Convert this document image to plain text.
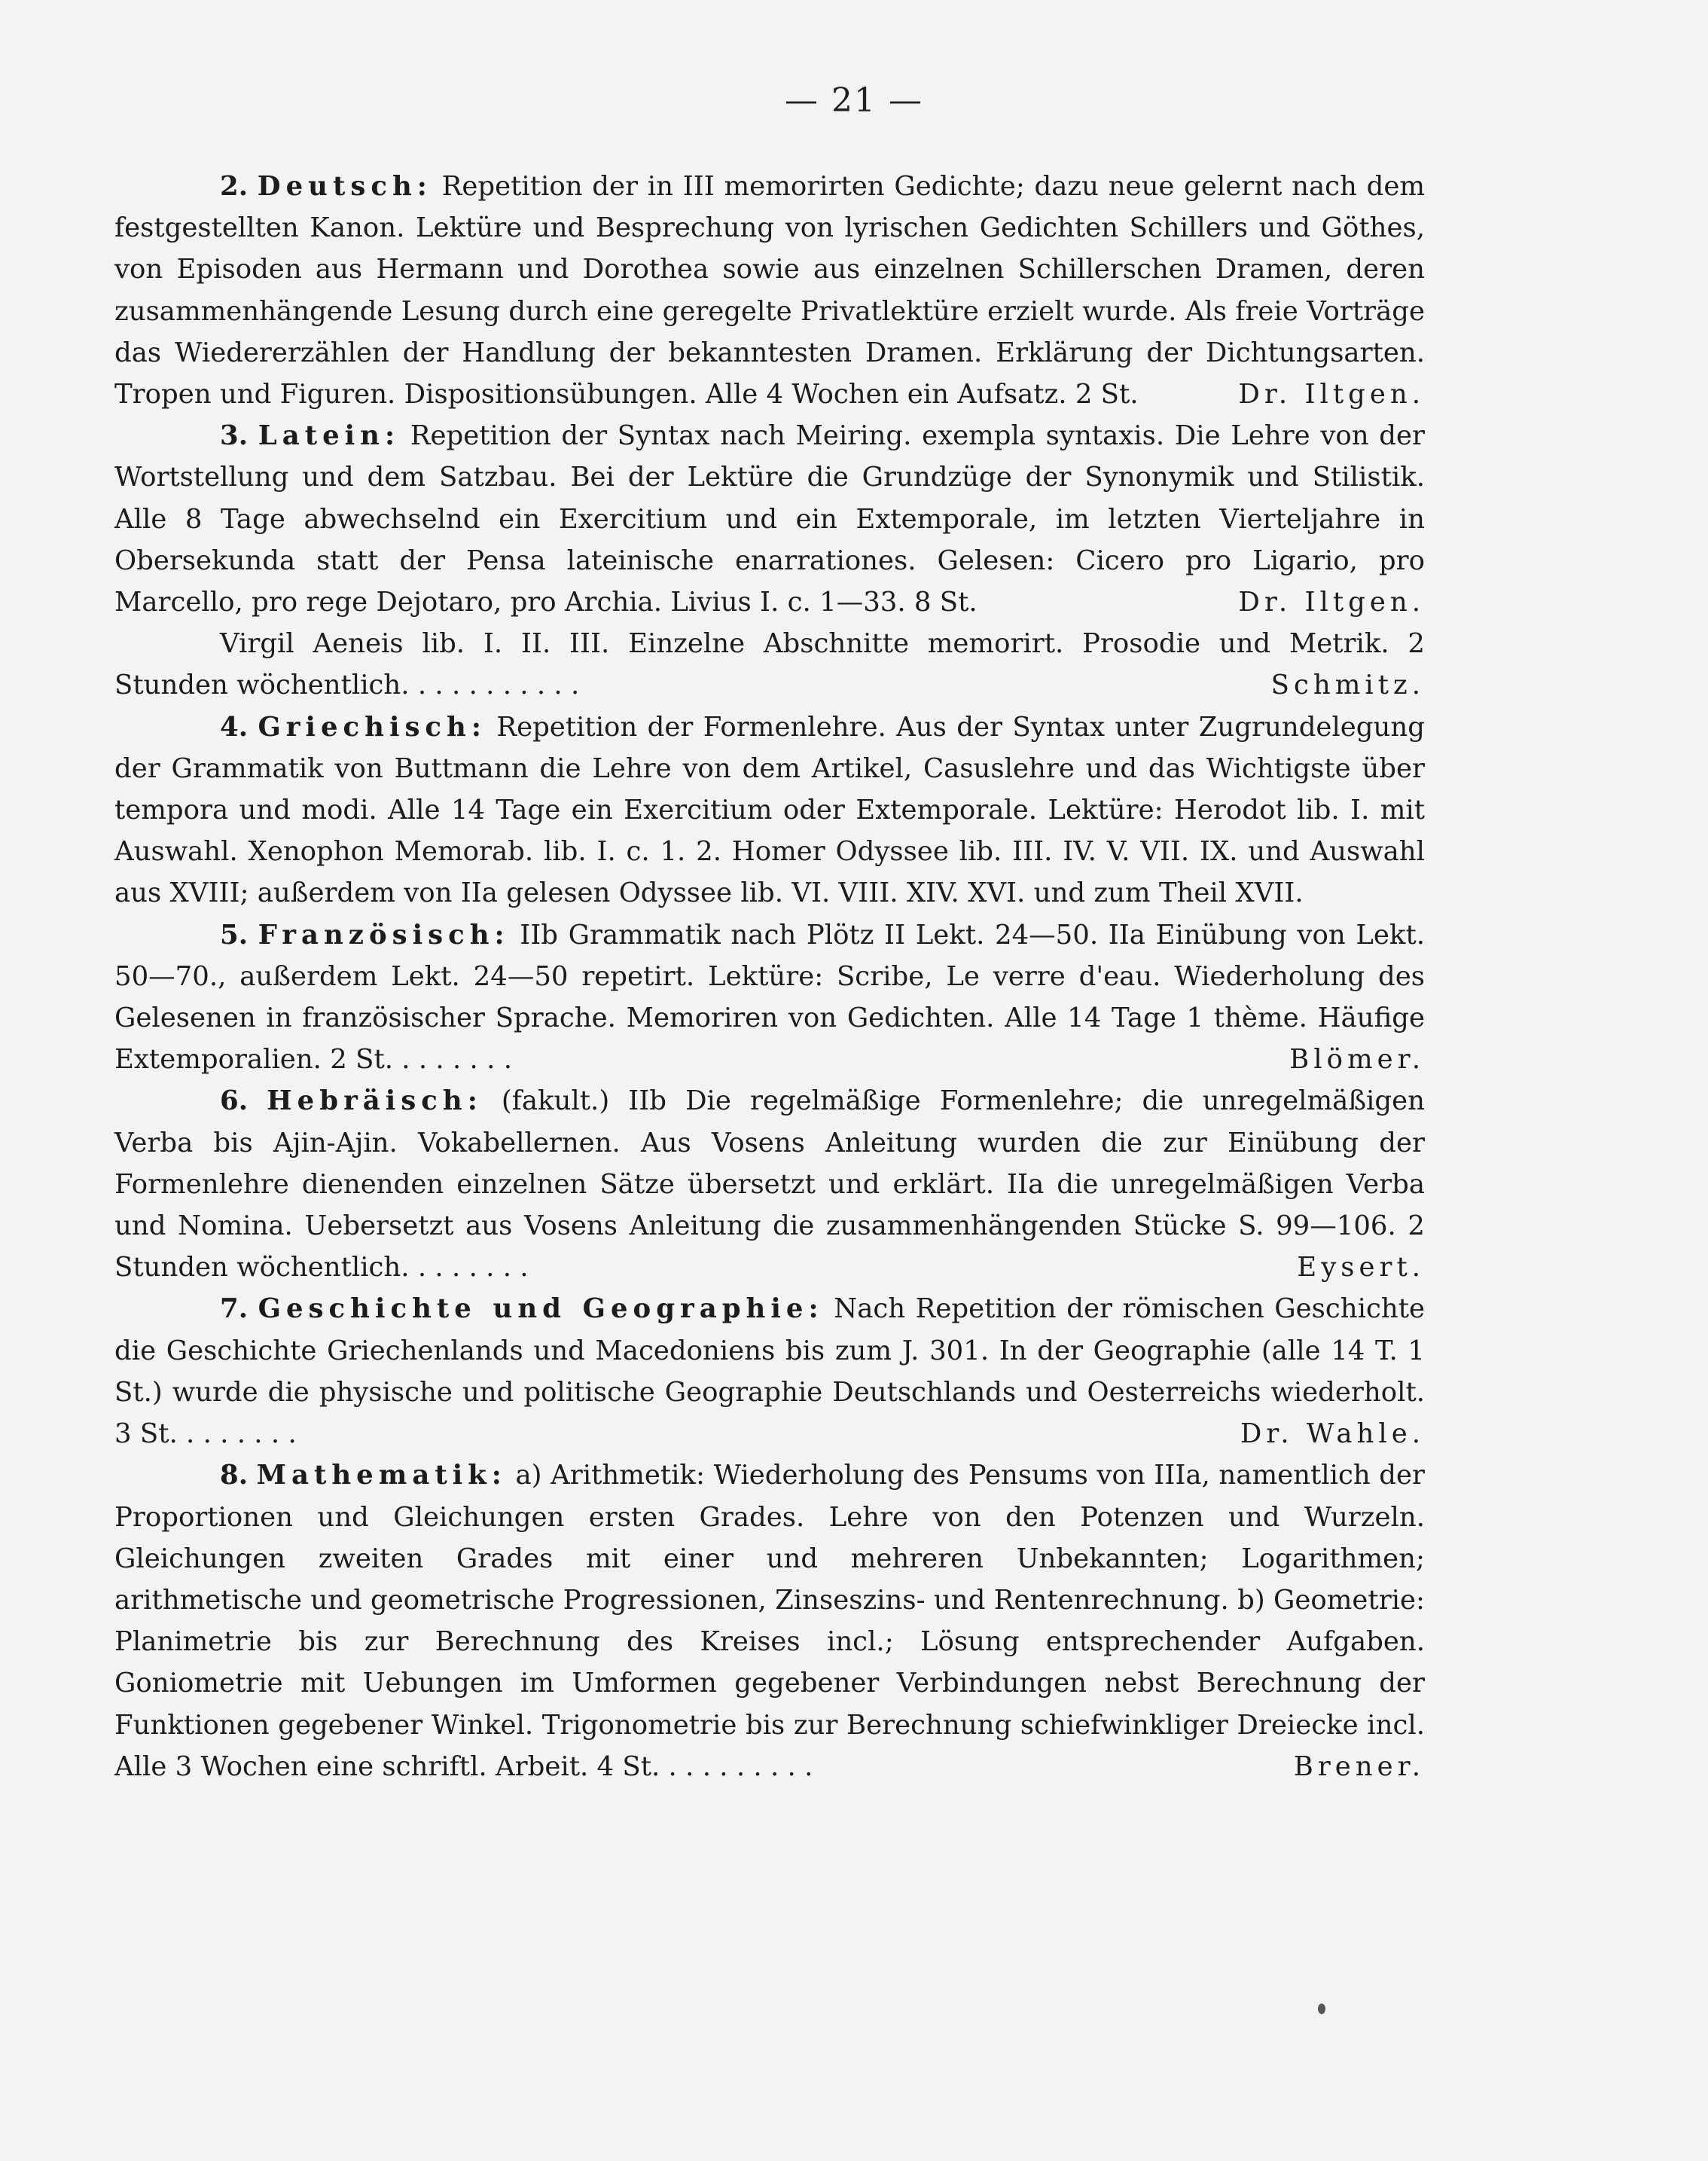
— 21 —

2. Deutsch: Repetition der in III memorirten Gedichte; dazu neue gelernt nach dem festgestellten Kanon. Lektüre und Besprechung von lyrischen Gedichten Schillers und Göthes, von Episoden aus Hermann und Dorothea sowie aus einzelnen Schillerschen Dramen, deren zusammenhängende Lesung durch eine geregelte Privatlektüre erzielt wurde. Als freie Vorträge das Wiedererzählen der Handlung der bekanntesten Dramen. Erklärung der Dichtungsarten. Tropen und Figuren. Dispositionsübungen. Alle 4 Wochen ein Aufsatz. 2 St.	Dr. Iltgen.

3. Latein: Repetition der Syntax nach Meiring. exempla syntaxis. Die Lehre von der Wortstellung und dem Satzbau. Bei der Lektüre die Grundzüge der Synonymik und Stilistik. Alle 8 Tage abwechselnd ein Exercitium und ein Extemporale, im letzten Vierteljahre in Obersekunda statt der Pensa lateinische enarrationes. Gelesen: Cicero pro Ligario, pro Marcello, pro rege Dejotaro, pro Archia. Livius I. c. 1—33. 8 St.	Dr. Iltgen.

Virgil Aeneis lib. I. II. III. Einzelne Abschnitte memorirt. Prosodie und Metrik. 2 Stunden wöchentlich. . . . . . . . . . .	Schmitz.

4. Griechisch: Repetition der Formenlehre. Aus der Syntax unter Zugrundelegung der Grammatik von Buttmann die Lehre von dem Artikel, Casuslehre und das Wichtigste über tempora und modi. Alle 14 Tage ein Exercitium oder Extemporale. Lektüre: Herodot lib. I. mit Auswahl. Xenophon Memorab. lib. I. c. 1. 2. Homer Odyssee lib. III. IV. V. VII. IX. und Auswahl aus XVIII; außerdem von IIa gelesen Odyssee lib. VI. VIII. XIV. XVI. und zum Theil XVII.

5. Französisch: IIb Grammatik nach Plötz II Lekt. 24—50. IIa Einübung von Lekt. 50—70., außerdem Lekt. 24—50 repetirt. Lektüre: Scribe, Le verre d'eau. Wiederholung des Gelesenen in französischer Sprache. Memoriren von Gedichten. Alle 14 Tage 1 thème. Häufige Extemporalien. 2 St. . . . . . . .	Blömer.

6. Hebräisch: (fakult.) IIb Die regelmäßige Formenlehre; die unregelmäßigen Verba bis Ajin-Ajin. Vokabellernen. Aus Vosens Anleitung wurden die zur Einübung der Formenlehre dienenden einzelnen Sätze übersetzt und erklärt. IIa die unregelmäßigen Verba und Nomina. Uebersetzt aus Vosens Anleitung die zusammenhängenden Stücke S. 99—106. 2 Stunden wöchentlich. . . . . . . .	Eysert.

7. Geschichte und Geographie: Nach Repetition der römischen Geschichte die Geschichte Griechenlands und Macedoniens bis zum J. 301. In der Geographie (alle 14 T. 1 St.) wurde die physische und politische Geographie Deutschlands und Oesterreichs wiederholt. 3 St. . . . . . . .	Dr. Wahle.

8. Mathematik: a) Arithmetik: Wiederholung des Pensums von IIIa, namentlich der Proportionen und Gleichungen ersten Grades. Lehre von den Potenzen und Wurzeln. Gleichungen zweiten Grades mit einer und mehreren Unbekannten; Logarithmen; arithmetische und geometrische Progressionen, Zinseszins- und Rentenrechnung. b) Geometrie: Planimetrie bis zur Berechnung des Kreises incl.; Lösung entsprechender Aufgaben. Goniometrie mit Uebungen im Umformen gegebener Verbindungen nebst Berechnung der Funktionen gegebener Winkel. Trigonometrie bis zur Berechnung schiefwinkliger Dreiecke incl. Alle 3 Wochen eine schriftl. Arbeit. 4 St. . . . . . . . . .	Brener.
